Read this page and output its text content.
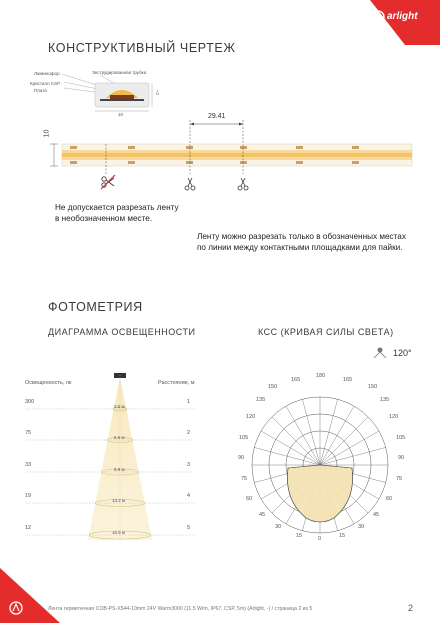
arlight
КОНСТРУКТИВНЫЙ ЧЕРТЕЖ
Люминофор
Кристалл CSP
Плата
Экструдированная трубка
10
~2
10
29.41
Не допускается разрезать ленту
в необозначенном месте.
Ленту можно разрезать только в обозначенных местах
по линии между контактными площадками для пайки.
ФОТОМЕТРИЯ
ДИАГРАММА ОСВЕЩЕННОСТИ	КСС (КРИВАЯ СИЛЫ СВЕТА)
120°
Освещенность, лк	Расстояние, м
300
75
33
19
12
1
2
3
4
5
3.5 м
6.6 м
9.9 м
13.2 м
16.5 м
165
180
165
150
135
120
105
90
75
60
45
30
15
150
135
120
105
90
75
60
45
30
15
0
Лента герметичная COB-PS-X544-10mm 24V Warm3000 (11.5 W/m, IP67, CSP, 5m) (Arlight, -) / страница 2 из 5	2
